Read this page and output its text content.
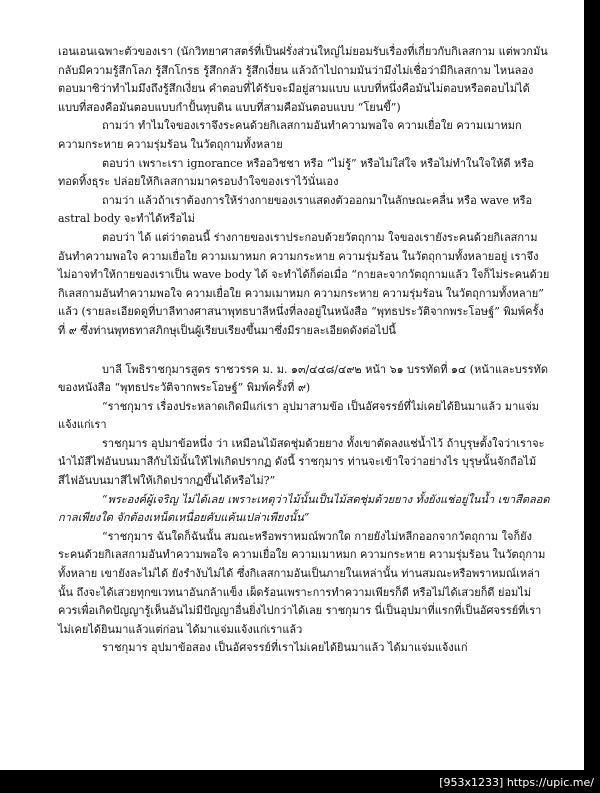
เอนเอนเฉพาะตัวของเรา (นักวิทยาศาสตร์ที่เป็นฝรั่งส่วนใหญ่ไม่ยอมรับเรื่องที่เกี่ยวกับกิเลสกาม แต่พวกมันกลับมีความรู้สึกโลภ รู้สึกโกรธ รู้สึกกลัว รู้สึกเงี่ยน แล้วถ้าไปถามมันว่ามึงไม่เชื่อว่ามีกิเลสกาม ไหนลองตอบมาซิว่าทำไมมึงถึงรู้สึกเงี่ยน คำตอบที่ได้รับจะมีอยู่สามแบบ แบบที่หนึ่งคือมันไม่ตอบหรือตอบไม่ได้ แบบที่สองคือมันตอบแบบกำปั้นทุบดิน แบบที่สามคือมันตอบแบบ “โยนขี้”)

ถามว่า ทำไมใจของเราจึงระคนด้วยกิเลสกามอันทำความพอใจ ความเยื่อใย ความเมาหมก ความกระหาย ความรุ่มร้อน ในวัตถุกามทั้งหลาย

ตอบว่า เพราะเรา ignorance หรืออวิชชา หรือ “ไม่รู้” หรือไม่ใส่ใจ หรือไม่ทำในใจให้ดี หรือทอดทิ้งธุระ ปล่อยให้กิเลสกามมาครอบงำใจของเราไว้นั่นเอง

ถามว่า แล้วถ้าเราต้องการให้ร่างกายของเราแสดงตัวออกมาในลักษณะคลื่น หรือ wave หรือ astral body จะทำได้หรือไม่

ตอบว่า ได้ แต่ว่าตอนนี้ ร่างกายของเราประกอบด้วยวัตถุกาม ใจของเรายังระคนด้วยกิเลสกามอันทำความพอใจ ความเยื่อใย ความเมาหมก ความกระหาย ความรุ่มร้อน ในวัตถุกามทั้งหลายอยู่ เราจึงไม่อาจทำให้กายของเราเป็น wave body ได้ จะทำได้ก็ต่อเมื่อ “กายละจากวัตถุกามแล้ว ใจก็ไม่ระคนด้วยกิเลสกามอันทำความพอใจ ความเยื่อใย ความเมาหมก ความกระหาย ความรุ่มร้อน ในวัตถุกามทั้งหลาย” แล้ว (รายละเอียดดูที่บาลีทางศาสนาพุทธบาลีหนึ่งที่ลงอยู่ในหนังสือ “พุทธประวัติจากพระโอษฐ์” พิมพ์ครั้งที่ ๙ ซึ่งท่านพุทธทาสภิกษุเป็นผู้เรียบเรียงขึ้นมาซึ่งมีรายละเอียดดังต่อไปนี้

บาลี โพธิราชกุมารสูตร ราชวรรค ม. ม. ๑๓/๔๔๘/๔๙๒ หน้า ๖๑ บรรทัดที่ ๑๔ (หน้าและบรรทัดของหนังสือ “พุทธประวัติจากพระโอษฐ์” พิมพ์ครั้งที่ ๙)

“ราชกุมาร เรื่องประหลาดเกิดมีแก่เรา อุปมาสามข้อ เป็นอัศจรรย์ที่ไม่เคยได้ยินมาแล้ว มาแจ่มแจ้งแก่เรา

ราชกุมาร อุปมาข้อหนึ่ง ว่า เหมือนไม้สดชุ่มด้วยยาง ทั้งเขาตัดลงแช่น้ำไว้ ถ้าบุรุษตั้งใจว่าเราจะนำไม้สีไฟอันบนมาสีกับไม้นั้นให้ไฟเกิดปรากฏ ดังนี้ ราชกุมาร ท่านจะเข้าใจว่าอย่างไร บุรุษนั้นจักถือไม้สีไฟอันบนมาสีไฟให้เกิดปรากฏขึ้นได้หรือไม่?”

“พระองค์ผู้เจริญ ไม่ได้เลย เพราะเหตุว่าไม้นั้นเป็นไม้สดชุ่มด้วยยาง ทั้งยังแช่อยู่ในน้ำ เขาสีตลอดกาลเพียงใด จักต้องเหน็ดเหนื่อยคับแค้นเปล่าเพียงนั้น”

“ราชกุมาร ฉันใดก็ฉันนั้น สมณะหรือพราหมณ์พวกใด กายยังไม่หลีกออกจากวัตถุกาม ใจก็ยังระคนด้วยกิเลสกามอันทำความพอใจ ความเยื่อใย ความเมาหมก ความกระหาย ความรุ่มร้อน ในวัตถุกามทั้งหลาย เขายังละไม่ได้ ยังรำงับไม่ได้ ซึ่งกิเลสกามอันเป็นภายในเหล่านั้น ท่านสมณะหรือพราหมณ์เหล่านั้น ถึงจะได้เสวยทุกขเวทนาอันกล้าแข็ง เผ็ดร้อนเพราะการทำความเพียรก็ดี หรือไม่ได้เสวยก็ดี ย่อมไม่ควรเพื่อเกิดปัญญารู้เห็นอันไม่มีปัญญาอื่นยิ่งไปกว่าได้เลย ราชกุมาร นี่เป็นอุปมาที่แรกที่เป็นอัศจรรย์ที่เราไม่เคยได้ยินมาแล้วแต่ก่อน ได้มาแจ่มแจ้งแก่เราแล้ว

ราชกุมาร อุปมาข้อสอง เป็นอัศจรรย์ที่เราไม่เคยได้ยินมาแล้ว ได้มาแจ่มแจ้งแก่

[953x1233] https://upic.me/
